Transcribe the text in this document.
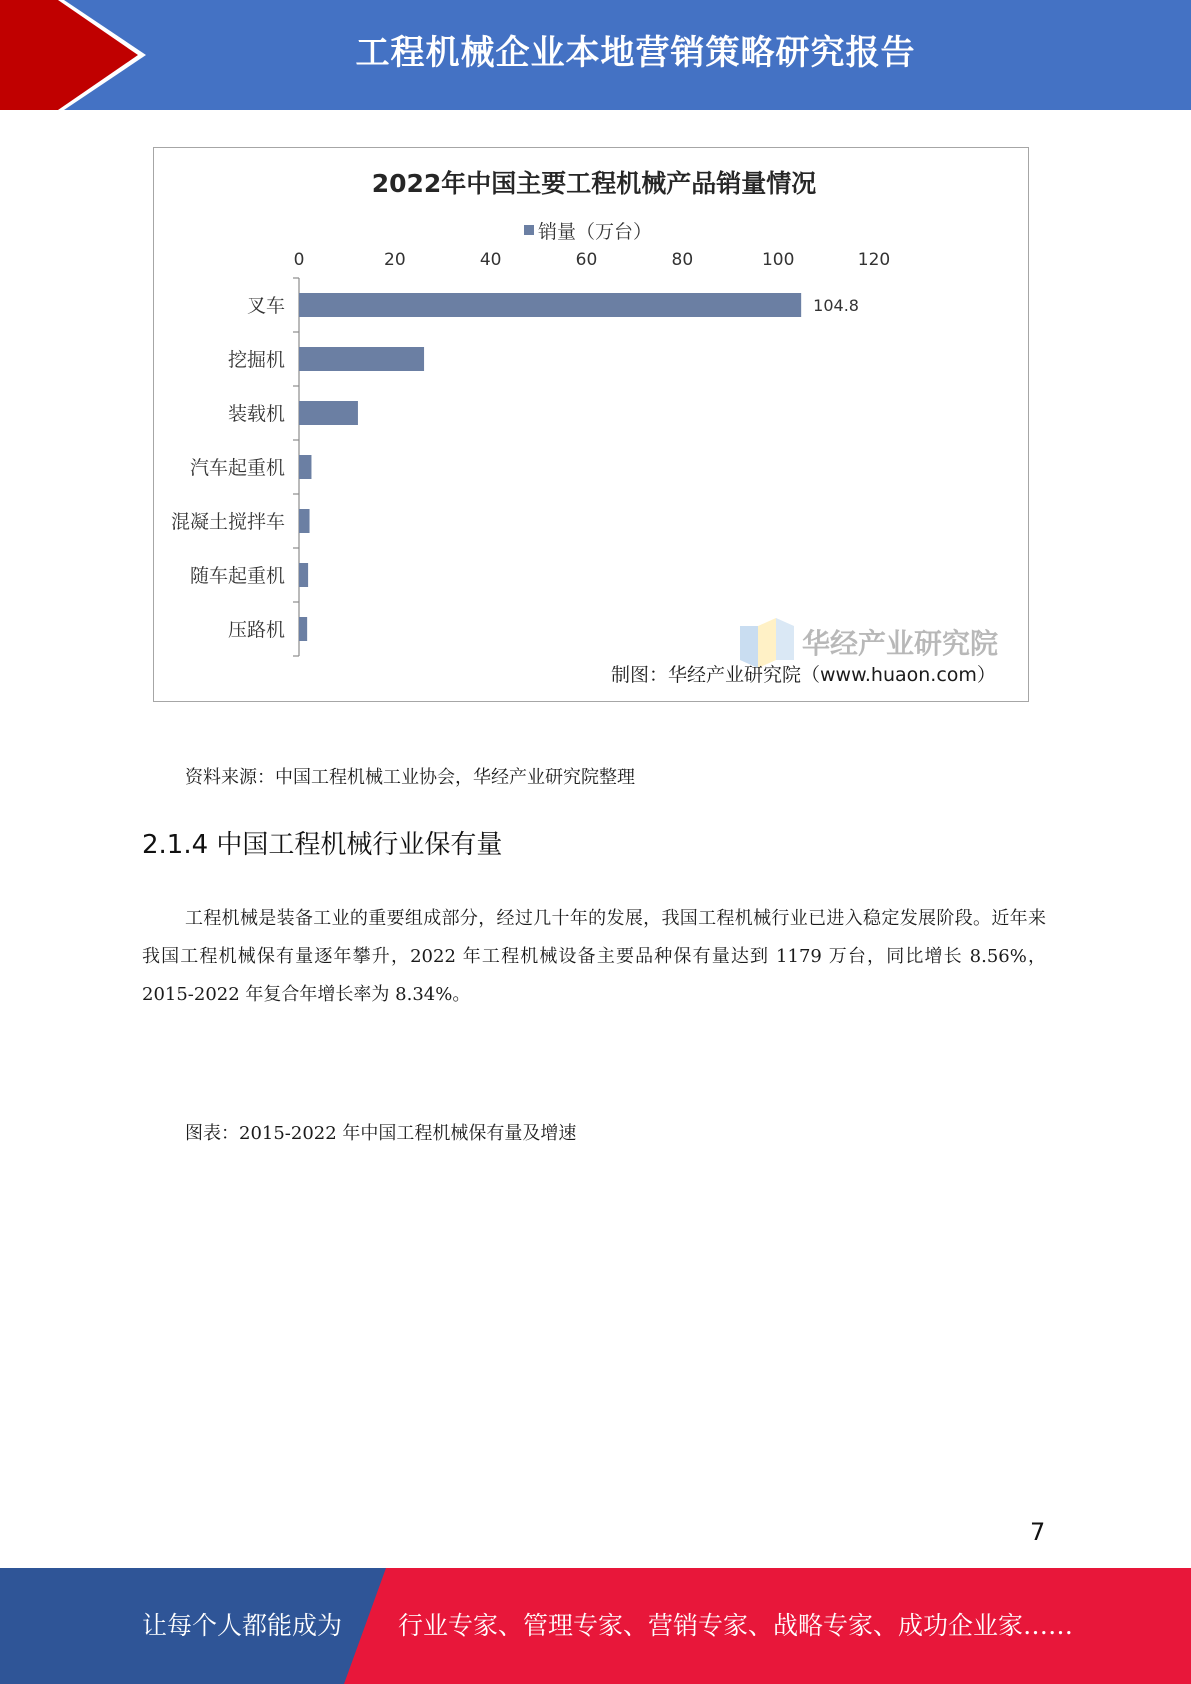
工程机械企业本地营销策略研究报告
2022年中国主要工程机械产品销量情况
销量（万台）
0	20	40	60	80	100	120
叉车
挖掘机
装载机
汽车起重机
混凝土搅拌车
随车起重机
压路机
104.8
华经产业研究院
制图：华经产业研究院（www.huaon.com）
资料来源：中国工程机械工业协会，华经产业研究院整理
2.1.4 中国工程机械行业保有量
工程机械是装备工业的重要组成部分，经过几十年的发展，我国工程机械行业已进入稳定发展阶段。近年来我国工程机械保有量逐年攀升，2022 年工程机械设备主要品种保有量达到 1179 万台，同比增长 8.56%，2015-2022 年复合年增长率为 8.34%。
图表：2015-2022 年中国工程机械保有量及增速
7
让每个人都能成为 行业专家、管理专家、营销专家、战略专家、成功企业家……
